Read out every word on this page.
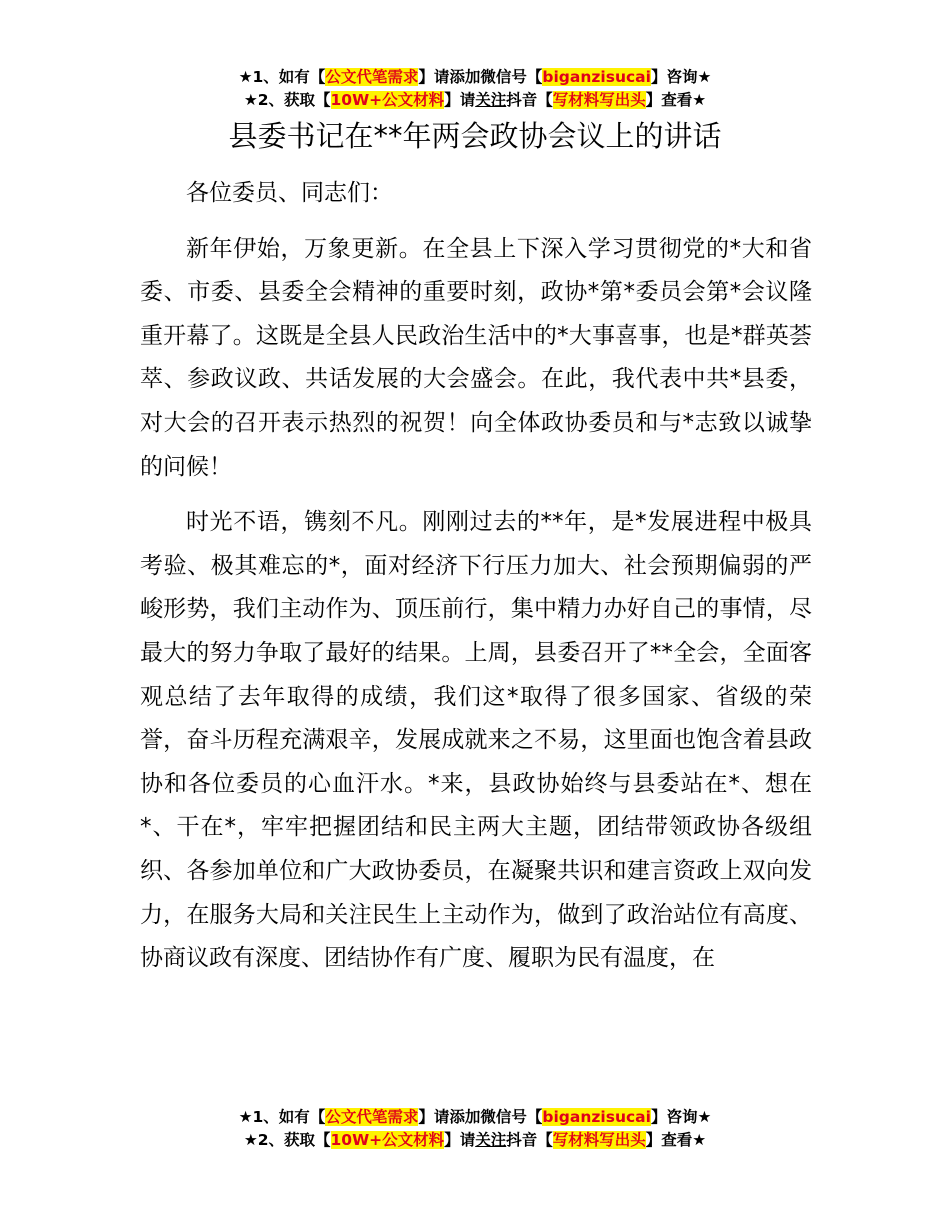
★1、如有【公文代笔需求】请添加微信号【biganzisucai】咨询★
★2、获取【10W+公文材料】请关注抖音【写材料写出头】查看★
县委书记在**年两会政协会议上的讲话

各位委员、同志们：

新年伊始，万象更新。在全县上下深入学习贯彻党的*大和省委、市委、县委全会精神的重要时刻，政协*第*委员会第*会议隆重开幕了。这既是全县人民政治生活中的*大事喜事，也是*群英荟萃、参政议政、共话发展的大会盛会。在此，我代表中共*县委，对大会的召开表示热烈的祝贺！向全体政协委员和与*志致以诚挚的问候！

时光不语，镌刻不凡。刚刚过去的**年，是*发展进程中极具考验、极其难忘的*，面对经济下行压力加大、社会预期偏弱的严峻形势，我们主动作为、顶压前行，集中精力办好自己的事情，尽最大的努力争取了最好的结果。上周，县委召开了**全会，全面客观总结了去年取得的成绩，我们这*取得了很多国家、省级的荣誉，奋斗历程充满艰辛，发展成就来之不易，这里面也饱含着县政协和各位委员的心血汗水。*来，县政协始终与县委站在*、想在*、干在*，牢牢把握团结和民主两大主题，团结带领政协各级组织、各参加单位和广大政协委员，在凝聚共识和建言资政上双向发力，在服务大局和关注民生上主动作为，做到了政治站位有高度、协商议政有深度、团结协作有广度、履职为民有温度，在

★1、如有【公文代笔需求】请添加微信号【biganzisucai】咨询★
★2、获取【10W+公文材料】请关注抖音【写材料写出头】查看★
